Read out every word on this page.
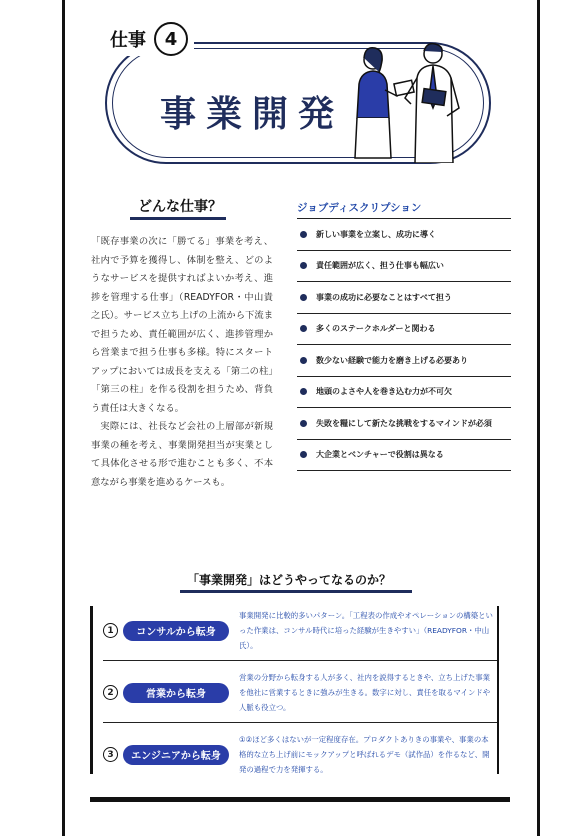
仕事	4
事業開発
どんな仕事？

「既存事業の次に「勝てる」事業を考え、社内で予算を獲得し、体制を整え、どのようなサービスを提供すればよいか考え、進捗を管理する仕事」（READYFOR・中山貴之氏）。サービス立ち上げの上流から下流まで担うため、責任範囲が広く、進捗管理から営業まで担う仕事も多様。特にスタートアップにおいては成長を支える「第二の柱」「第三の柱」を作る役割を担うため、背負う責任は大きくなる。

実際には、社長など会社の上層部が新規事業の種を考え、事業開発担当が実業として具体化させる形で進むことも多く、不本意ながら事業を進めるケースも。

ジョブディスクリプション
新しい事業を立案し、成功に導く
責任範囲が広く、担う仕事も幅広い
事業の成功に必要なことはすべて担う
多くのステークホルダーと関わる
数少ない経験で能力を磨き上げる必要あり
地頭のよさや人を巻き込む力が不可欠
失敗を糧にして新たな挑戦をするマインドが必須
大企業とベンチャーで役割は異なる
「事業開発」はどうやってなるのか？
1	コンサルから転身
事業開発に比較的多いパターン。「工程表の作成やオペレーションの構築といった作業は、コンサル時代に培った経験が生きやすい」（READYFOR・中山氏）。
2	営業から転身
営業の分野から転身する人が多く、社内を説得するときや、立ち上げた事業を他社に営業するときに強みが生きる。数字に対し、責任を取るマインドや人脈も役立つ。
3	エンジニアから転身
①②ほど多くはないが一定程度存在。プロダクトありきの事業や、事業の本格的な立ち上げ前にモックアップと呼ばれるデモ（試作品）を作るなど、開発の過程で力を発揮する。
